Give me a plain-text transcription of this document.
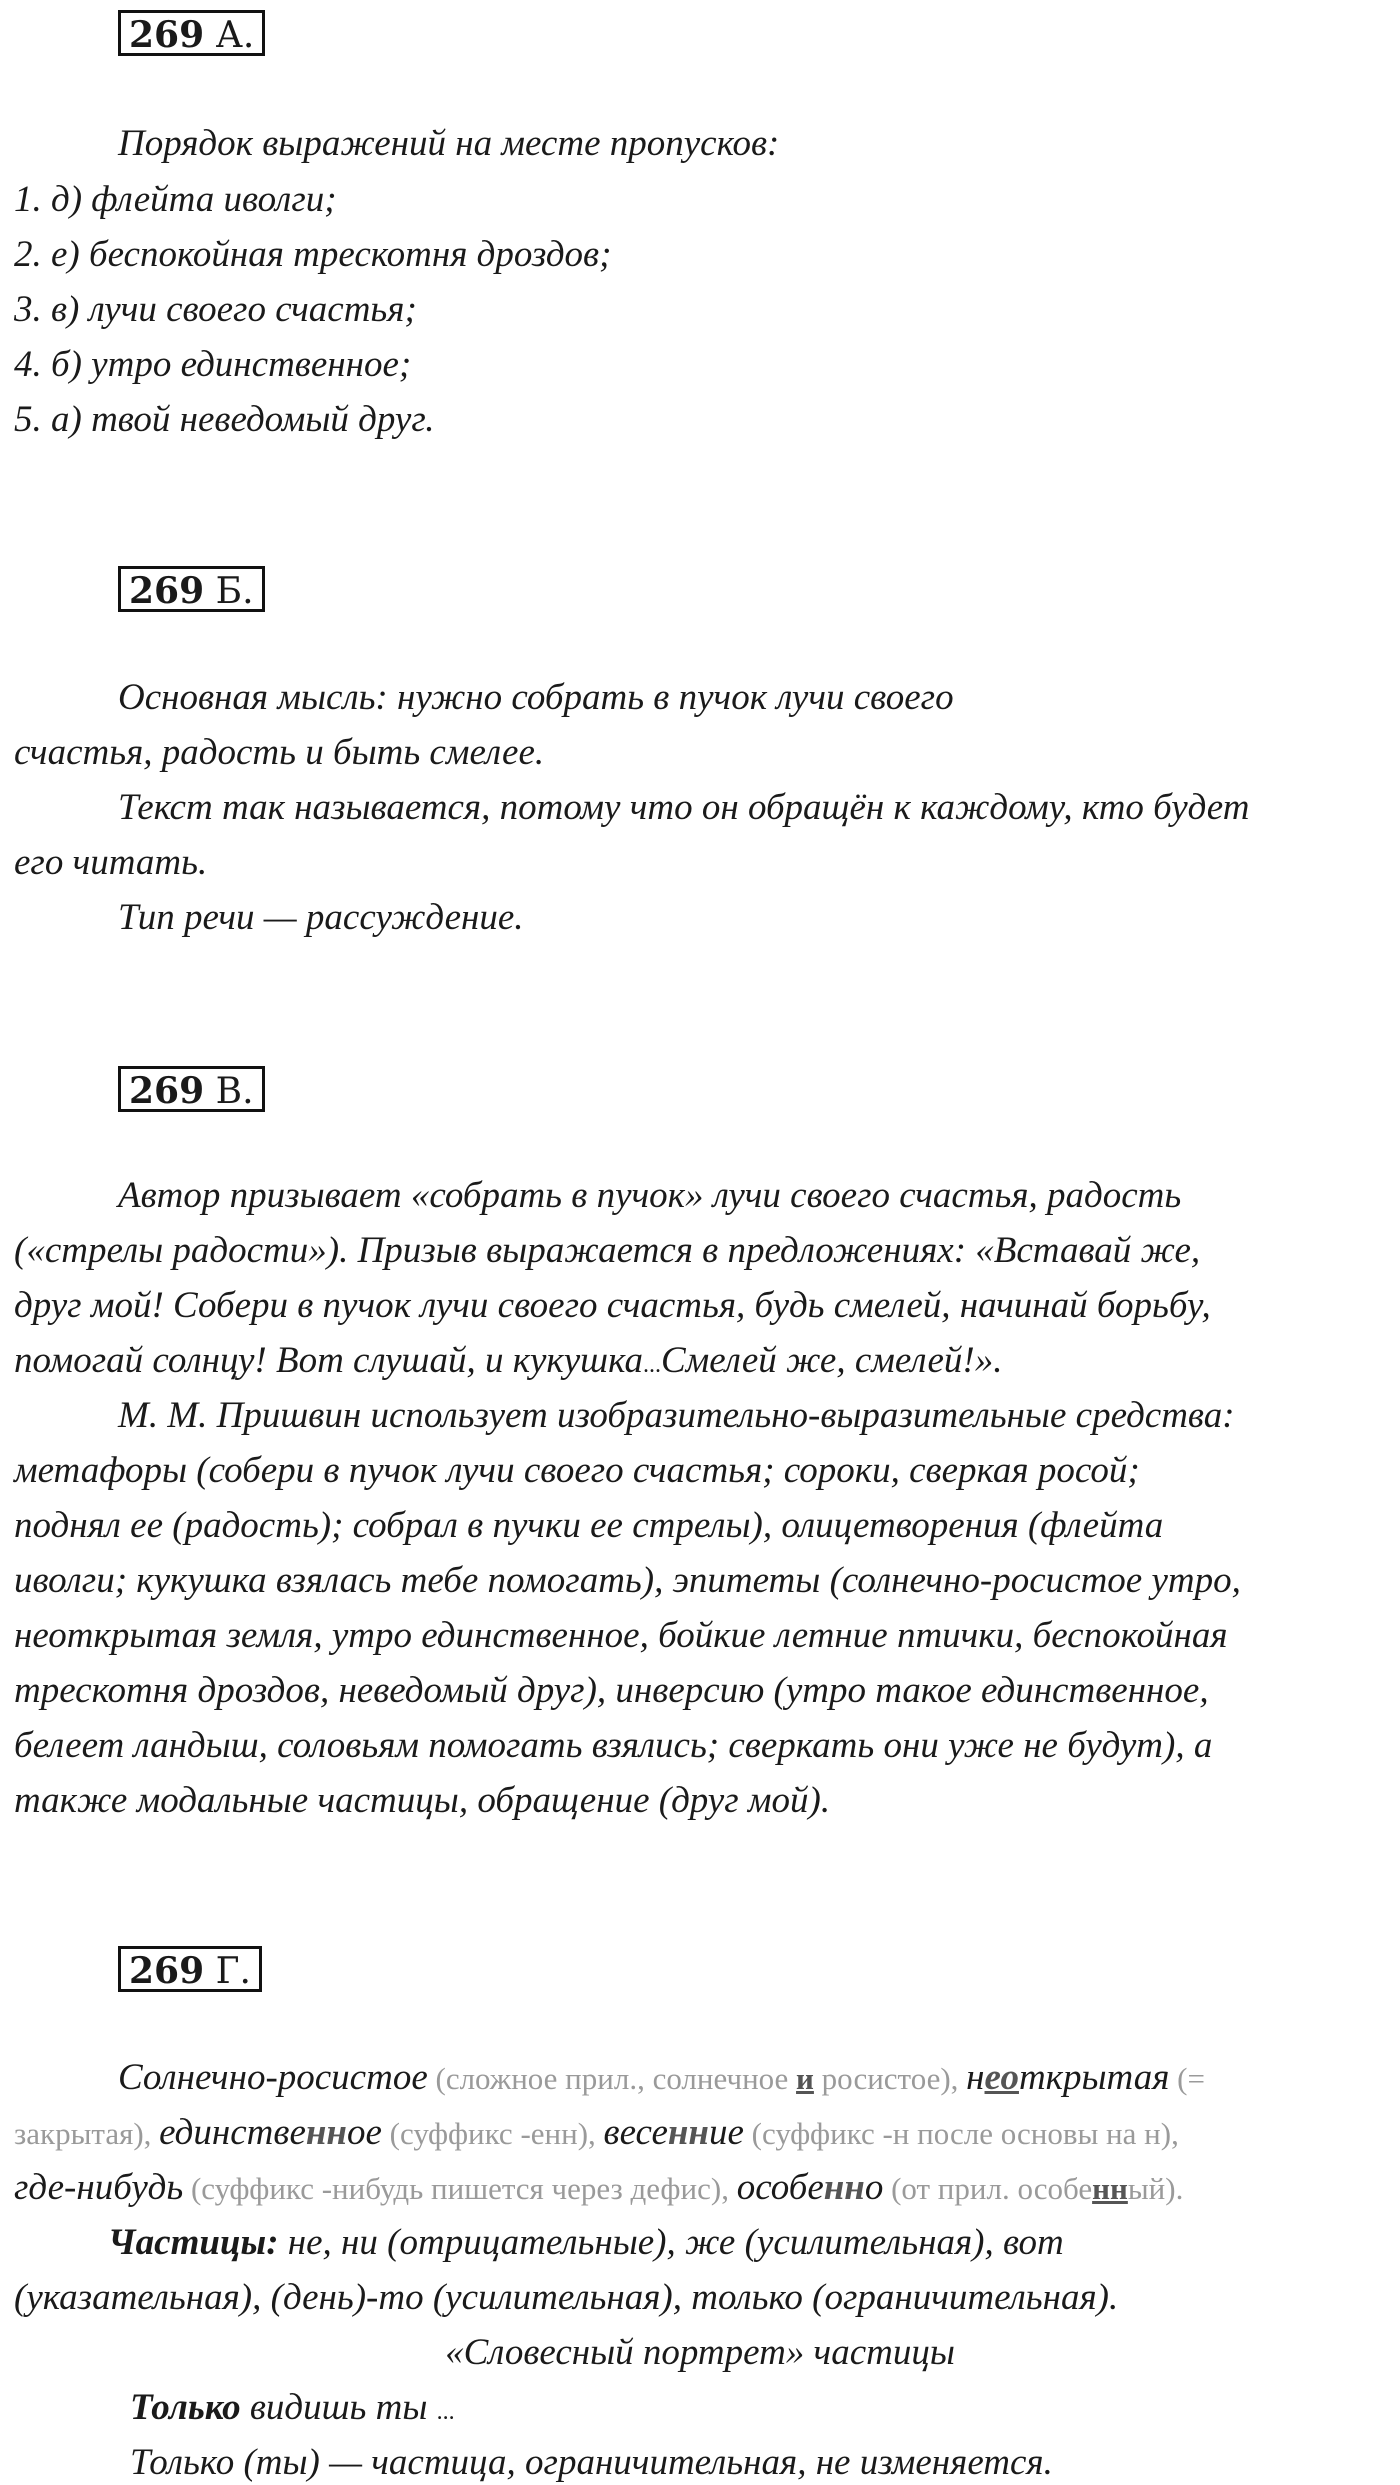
269 А.
Порядок выражений на месте пропусков:
1. д) флейта иволги;
2. е) беспокойная трескотня дроздов;
3. в) лучи своего счастья;
4. б) утро единственное;
5. а) твой неведомый друг.
269 Б.
Основная мысль: нужно собрать в пучок лучи своего
счастья, радость и быть смелее.
Текст так называется, потому что он обращён к каждому, кто будет
его читать.
Тип речи — рассуждение.
269 В.
Автор призывает «собрать в пучок» лучи своего счастья, радость
(«стрелы радости»). Призыв выражается в предложениях: «Вставай же,
друг мой! Собери в пучок лучи своего счастья, будь смелей, начинай борьбу,
помогай солнцу! Вот слушай, и кукушка...Смелей же, смелей!».
М. М. Пришвин использует изобразительно-выразительные средства:
метафоры (собери в пучок лучи своего счастья; сороки, сверкая росой;
поднял ее (радость); собрал в пучки ее стрелы), олицетворения (флейта
иволги; кукушка взялась тебе помогать), эпитеты (солнечно-росистое утро,
неоткрытая земля, утро единственное, бойкие летние птички, беспокойная
трескотня дроздов, неведомый друг), инверсию (утро такое единственное,
белеет ландыш, соловьям помогать взялись; сверкать они уже не будут), а
также модальные частицы, обращение (друг мой).
269 Г.
Солнечно-росистое (сложное прил., солнечное и росистое), неоткрытая (=
закрытая), единственное (суффикс -енн), весенние (суффикс -н после основы на н),
где-нибудь (суффикс -нибудь пишется через дефис), особенно (от прил. особенный).
Частицы: не, ни (отрицательные), же (усилительная), вот
(указательная), (день)-то (усилительная), только (ограничительная).
«Словесный портрет» частицы
Только видишь ты ...
Только (ты) — частица, ограничительная, не изменяется.
